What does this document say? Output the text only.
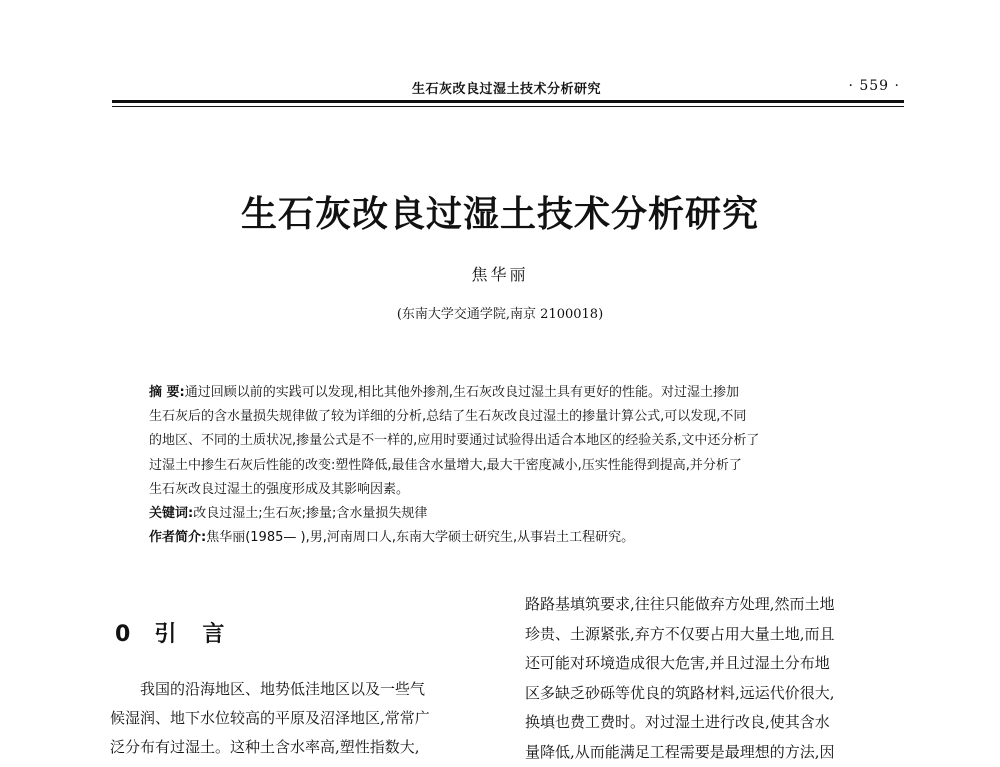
生石灰改良过湿土技术分析研究	· 559 ·
生石灰改良过湿土技术分析研究
焦华丽
(东南大学交通学院,南京 2100018)

摘 要:通过回顾以前的实践可以发现,相比其他外掺剂,生石灰改良过湿土具有更好的性能。对过湿土掺加
生石灰后的含水量损失规律做了较为详细的分析,总结了生石灰改良过湿土的掺量计算公式,可以发现,不同
的地区、不同的土质状况,掺量公式是不一样的,应用时要通过试验得出适合本地区的经验关系,文中还分析了
过湿土中掺生石灰后性能的改变:塑性降低,最佳含水量增大,最大干密度减小,压实性能得到提高,并分析了
生石灰改良过湿土的强度形成及其影响因素。

关键词:改良过湿土;生石灰;掺量;含水量损失规律

作者简介:焦华丽(1985— ),男,河南周口人,东南大学硕士研究生,从事岩土工程研究。

0 引言
我国的沿海地区、地势低洼地区以及一些气
候湿润、地下水位较高的平原及沼泽地区,常常广
泛分布有过湿土。这种土含水率高,塑性指数大,
路路基填筑要求,往往只能做弃方处理,然而土地
珍贵、土源紧张,弃方不仅要占用大量土地,而且
还可能对环境造成很大危害,并且过湿土分布地
区多缺乏砂砾等优良的筑路材料,远运代价很大,
换填也费工费时。对过湿土进行改良,使其含水
量降低,从而能满足工程需要是最理想的方法,因
